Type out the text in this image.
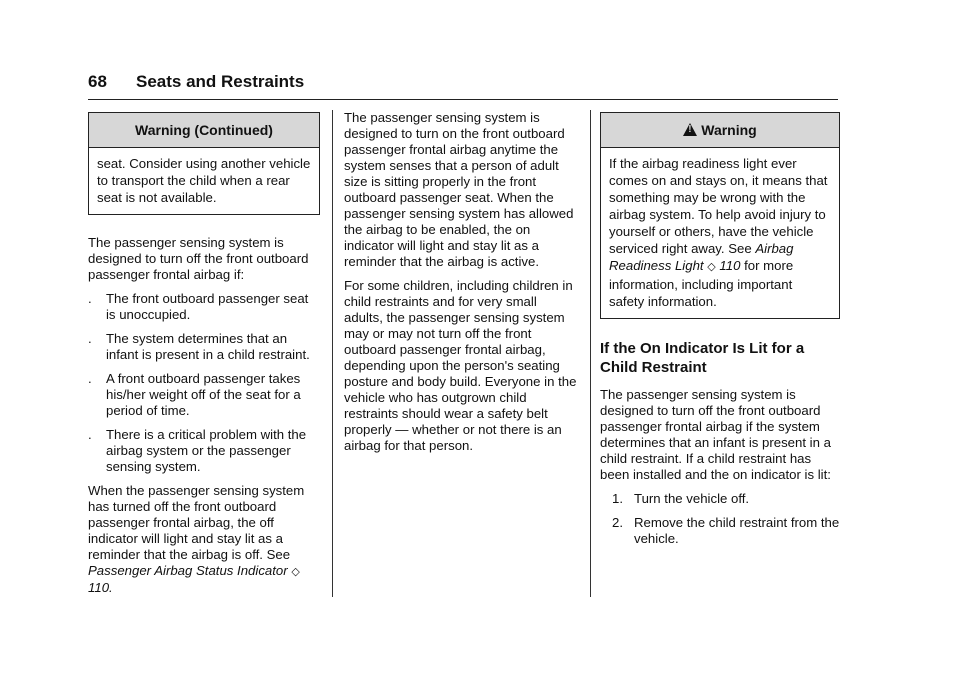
68 Seats and Restraints
Warning (Continued)
seat. Consider using another vehicle to transport the child when a rear seat is not available.

The passenger sensing system is designed to turn off the front outboard passenger frontal airbag if:

. The front outboard passenger seat is unoccupied.
. The system determines that an infant is present in a child restraint.
. A front outboard passenger takes his/her weight off of the seat for a period of time.
. There is a critical problem with the airbag system or the passenger sensing system.

When the passenger sensing system has turned off the front outboard passenger frontal airbag, the off indicator will light and stay lit as a reminder that the airbag is off. See Passenger Airbag Status Indicator ◇ 110.

The passenger sensing system is designed to turn on the front outboard passenger frontal airbag anytime the system senses that a person of adult size is sitting properly in the front outboard passenger seat. When the passenger sensing system has allowed the airbag to be enabled, the on indicator will light and stay lit as a reminder that the airbag is active.

For some children, including children in child restraints and for very small adults, the passenger sensing system may or may not turn off the front outboard passenger frontal airbag, depending upon the person's seating posture and body build. Everyone in the vehicle who has outgrown child restraints should wear a safety belt properly — whether or not there is an airbag for that person.

!Warning
If the airbag readiness light ever comes on and stays on, it means that something may be wrong with the airbag system. To help avoid injury to yourself or others, have the vehicle serviced right away. See Airbag Readiness Light ◇ 110 for more information, including important safety information.
If the On Indicator Is Lit for a Child Restraint

The passenger sensing system is designed to turn off the front outboard passenger frontal airbag if the system determines that an infant is present in a child restraint. If a child restraint has been installed and the on indicator is lit:

1. Turn the vehicle off.
2. Remove the child restraint from the vehicle.
